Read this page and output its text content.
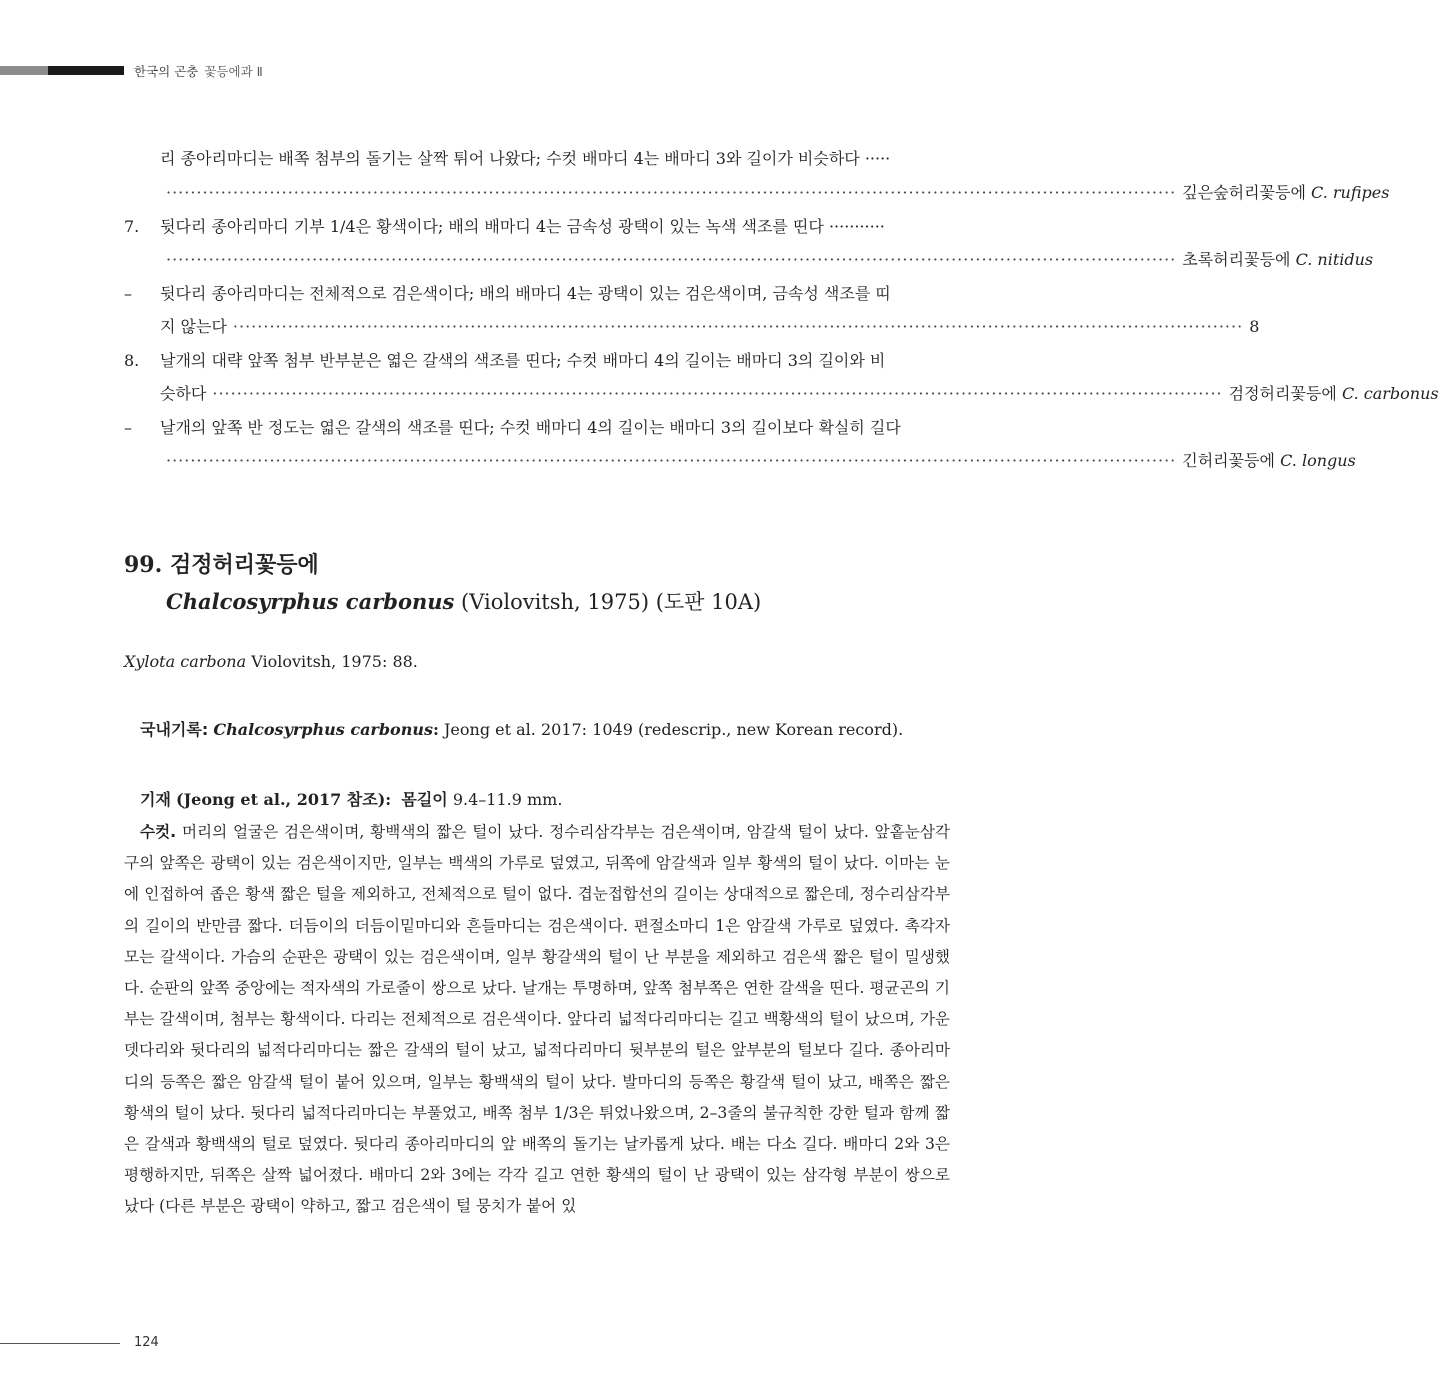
한국의 곤충 꽃등에과 Ⅱ
리 종아리마디는 배쪽 첨부의 돌기는 살짝 튀어 나왔다; 수컷 배마디 4는 배마디 3와 길이가 비슷하다 ·····
······································································································································································ 깊은숲허리꽃등에 C. rufipes
7. 뒷다리 종아리마디 기부 1/4은 황색이다; 배의 배마디 4는 금속성 광택이 있는 녹색 색조를 띤다 ···········
······································································································································································ 초록허리꽃등에 C. nitidus
– 뒷다리 종아리마디는 전체적으로 검은색이다; 배의 배마디 4는 광택이 있는 검은색이며, 금속성 색조를 띠
지 않는다 ······································································································································································ 8
8. 날개의 대략 앞쪽 첨부 반부분은 엷은 갈색의 색조를 띤다; 수컷 배마디 4의 길이는 배마디 3의 길이와 비
슷하다 ······································································································································································ 검정허리꽃등에 C. carbonus
– 날개의 앞쪽 반 정도는 엷은 갈색의 색조를 띤다; 수컷 배마디 4의 길이는 배마디 3의 길이보다 확실히 길다
······································································································································································ 긴허리꽃등에 C. longus
99. 검정허리꽃등에
Chalcosyrphus carbonus (Violovitsh, 1975) (도판 10A)
Xylota carbona Violovitsh, 1975: 88.
국내기록: Chalcosyrphus carbonus: Jeong et al. 2017: 1049 (redescrip., new Korean record).
기재 (Jeong et al., 2017 참조): 몸길이 9.4–11.9 mm.
수컷. 머리의 얼굴은 검은색이며, 황백색의 짧은 털이 났다. 정수리삼각부는 검은색이며, 암갈색 털이 났다. 앞홑눈삼각구의 앞쪽은 광택이 있는 검은색이지만, 일부는 백색의 가루로 덮였고, 뒤쪽에 암갈색과 일부 황색의 털이 났다. 이마는 눈에 인접하여 좁은 황색 짧은 털을 제외하고, 전체적으로 털이 없다. 겹눈접합선의 길이는 상대적으로 짧은데, 정수리삼각부의 길이의 반만큼 짧다. 더듬이의 더듬이밑마디와 흔들마디는 검은색이다. 편절소마디 1은 암갈색 가루로 덮였다. 촉각자모는 갈색이다. 가슴의 순판은 광택이 있는 검은색이며, 일부 황갈색의 털이 난 부분을 제외하고 검은색 짧은 털이 밀생했다. 순판의 앞쪽 중앙에는 적자색의 가로줄이 쌍으로 났다. 날개는 투명하며, 앞쪽 첨부쪽은 연한 갈색을 띤다. 평균곤의 기부는 갈색이며, 첨부는 황색이다. 다리는 전체적으로 검은색이다. 앞다리 넓적다리마디는 길고 백황색의 털이 났으며, 가운뎃다리와 뒷다리의 넓적다리마디는 짧은 갈색의 털이 났고, 넓적다리마디 뒷부분의 털은 앞부분의 털보다 길다. 종아리마디의 등쪽은 짧은 암갈색 털이 붙어 있으며, 일부는 황백색의 털이 났다. 발마디의 등쪽은 황갈색 털이 났고, 배쪽은 짧은 황색의 털이 났다. 뒷다리 넓적다리마디는 부풀었고, 배쪽 첨부 1/3은 튀었나왔으며, 2–3줄의 불규칙한 강한 털과 함께 짧은 갈색과 황백색의 털로 덮였다. 뒷다리 종아리마디의 앞 배쪽의 돌기는 날카롭게 났다. 배는 다소 길다. 배마디 2와 3은 평행하지만, 뒤쪽은 살짝 넓어졌다. 배마디 2와 3에는 각각 길고 연한 황색의 털이 난 광택이 있는 삼각형 부분이 쌍으로 났다 (다른 부분은 광택이 약하고, 짧고 검은색이 털 뭉치가 붙어 있
124
